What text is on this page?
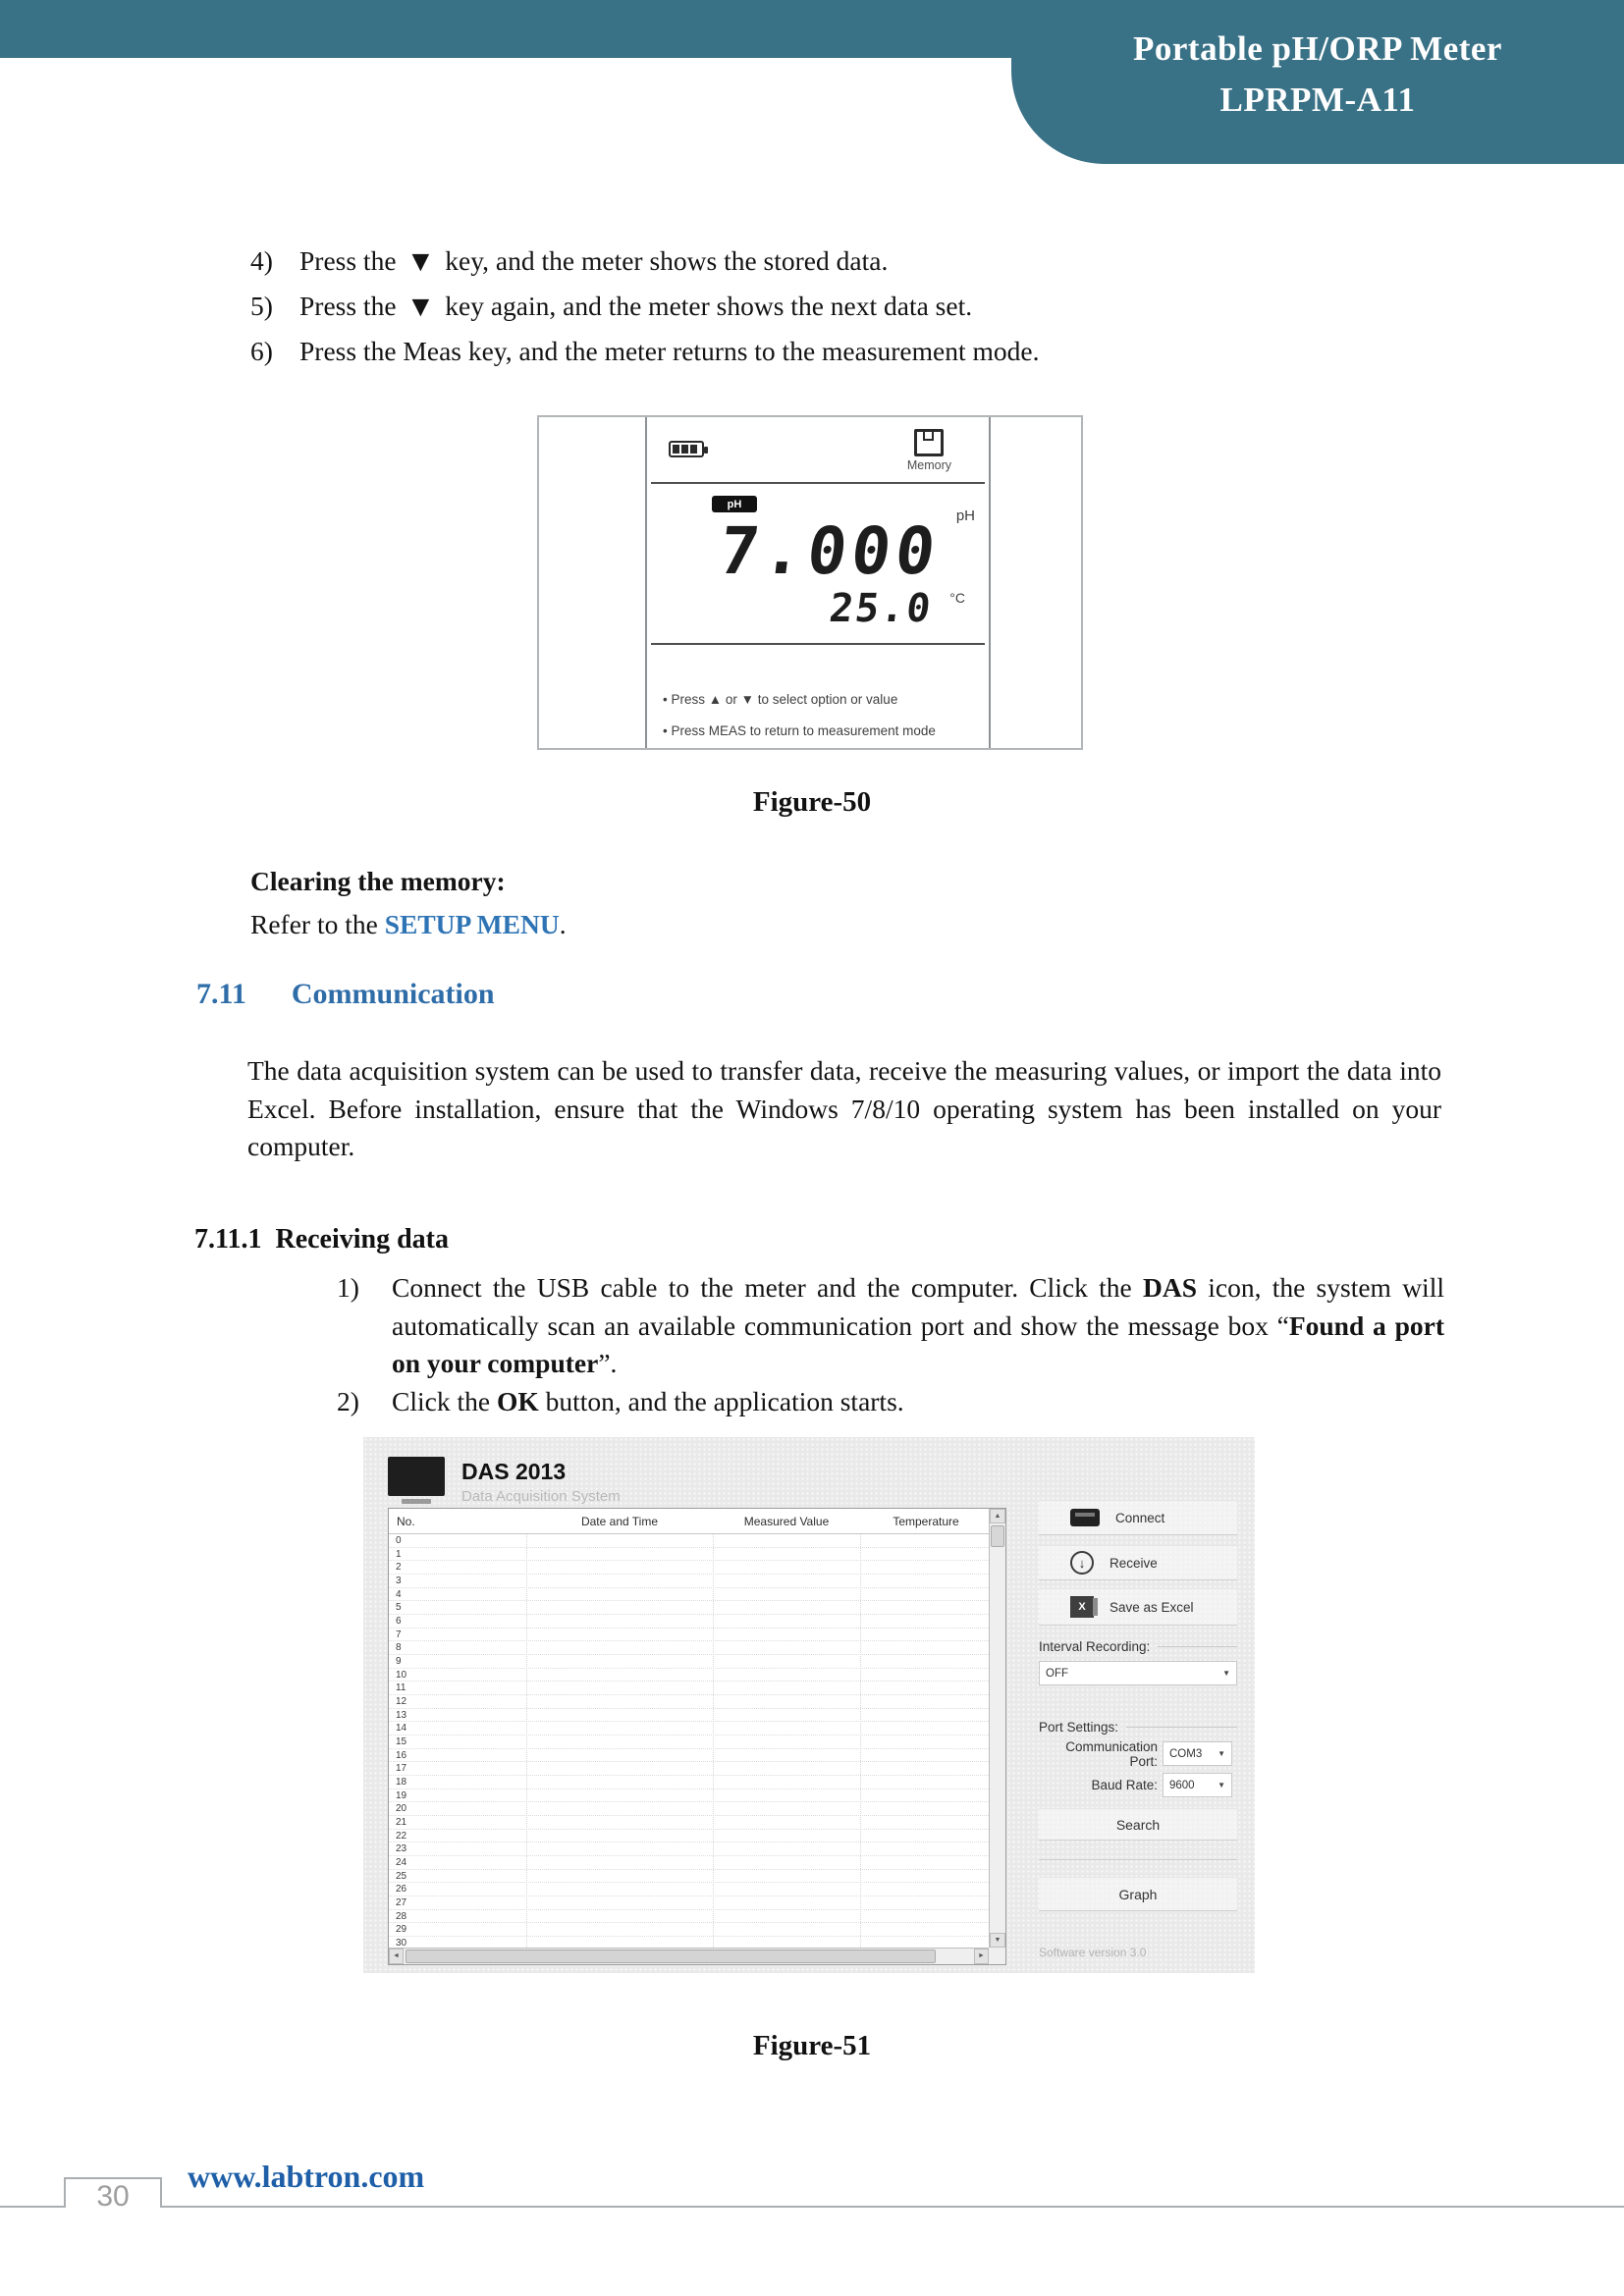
Portable pH/ORP Meter
LPRPM-A11
4) Press the ▼ key, and the meter shows the stored data.
5) Press the ▼ key again, and the meter shows the next data set.
6) Press the Meas key, and the meter returns to the measurement mode.
Memory
pH
pH
7.000
25.0 °C
• Press ▲ or ▼ to select option or value
• Press MEAS to return to measurement mode
Figure-50
Clearing the memory:
Refer to the SETUP MENU.
7.11 Communication
The data acquisition system can be used to transfer data, receive the measuring values, or import the data into Excel. Before installation, ensure that the Windows 7/8/10 operating system has been installed on your computer.
7.11.1 Receiving data
1) Connect the USB cable to the meter and the computer. Click the DAS icon, the system will automatically scan an available communication port and show the message box “Found a port on your computer”.
2) Click the OK button, and the application starts.
DAS 2013
Data Acquisition System
No.	Date and Time	Measured Value	Temperature
0
1
2
3
4
5
6
7
8
9
10
11
12
13
14
15
16
17
18
19
20
21
22
23
24
25
26
27
28
29
30
▲
▼
◄	►
Connect
↓	Receive
X	Save as Excel
Interval Recording:
OFF	▼
Port Settings:
Communication Port:	COM3 ▼
Baud Rate:	9600	▼
Search
Graph
Software version 3.0
Figure-51
30
www.labtron.com
